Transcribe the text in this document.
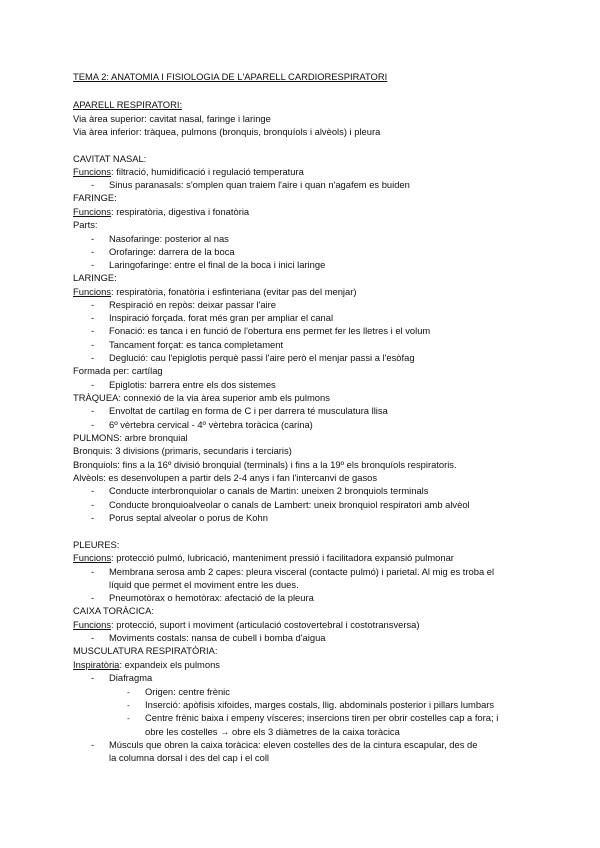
TEMA 2: ANATOMIA I FISIOLOGIA DE L'APARELL CARDIORESPIRATORI
APARELL RESPIRATORI:
Via àrea superior: cavitat nasal, faringe i laringe
Via àrea inferior: tràquea, pulmons (bronquis, bronquíols i alvèols) i pleura
CAVITAT NASAL:
Funcions: filtració, humidificació i regulació temperatura
- Sinus paranasals: s'omplen quan traiem l'aire i quan n'agafem es buiden
FARINGE:
Funcions: respiratòria, digestiva i fonatòria
Parts:
- Nasofaringe: posterior al nas
- Orofaringe: darrera de la boca
- Laringofaringe: entre el final de la boca i inici laringe
LARINGE:
Funcions: respiratòria, fonatòria i esfinteriana (evitar pas del menjar)
- Respiració en repòs: deixar passar l'aire
- Inspiració forçada. forat més gran per ampliar el canal
- Fonació: es tanca i en funció de l'obertura ens permet fer les lletres i el volum
- Tancament forçat: es tanca completament
- Deglució: cau l'epiglotis perquè passi l'aire però el menjar passi a l'esòfag
Formada per: cartílag
- Epiglotis: barrera entre els dos sistemes
TRÀQUEA: connexió de la via àrea superior amb els pulmons
- Envoltat de cartílag en forma de C i per darrera té musculatura llisa
- 6º vèrtebra cervical - 4º vèrtebra toràcica (carina)
PULMONS: arbre bronquial
Bronquis: 3 divisions (primaris, secundaris i terciaris)
Bronquiols: fins a la 16º divisió bronquial (terminals) i fins a la 19º els bronquíols respiratoris.
Alvèols: es desenvolupen a partir dels 2-4 anys i fan l'intercanvi de gasos
- Conducte interbronquiolar o canals de Martin: uneixen 2 bronquiols terminals
- Conducte bronquioalveolar o canals de Lambert: uneix bronquiol respiratori amb alvèol
- Porus septal alveolar o porus de Kohn
PLEURES:
Funcions: protecció pulmó, lubricació, manteniment pressió i facilitadora expansió pulmonar
- Membrana serosa amb 2 capes: pleura visceral (contacte pulmó) i parietal. Al mig es troba el
líquid que permet el moviment entre les dues.
- Pneumotòrax o hemotòrax: afectació de la pleura
CAIXA TORÀCICA:
Funcions: protecció, suport i moviment (articulació costovertebral i costotransversa)
- Moviments costals: nansa de cubell i bomba d'aigua
MUSCULATURA RESPIRATÒRIA:
Inspiratòria: expandeix els pulmons
- Diafragma
- Origen: centre frènic
- Inserció: apòfisis xifoides, marges costals, llig. abdominals posterior i pillars lumbars
- Centre frènic baixa i empeny vísceres; insercions tiren per obrir costelles cap a fora; i
obre les costelles → obre els 3 diàmetres de la caixa toràcica
- Músculs que obren la caixa toràcica: eleven costelles des de la cintura escapular, des de
la columna dorsal i des del cap i el coll
